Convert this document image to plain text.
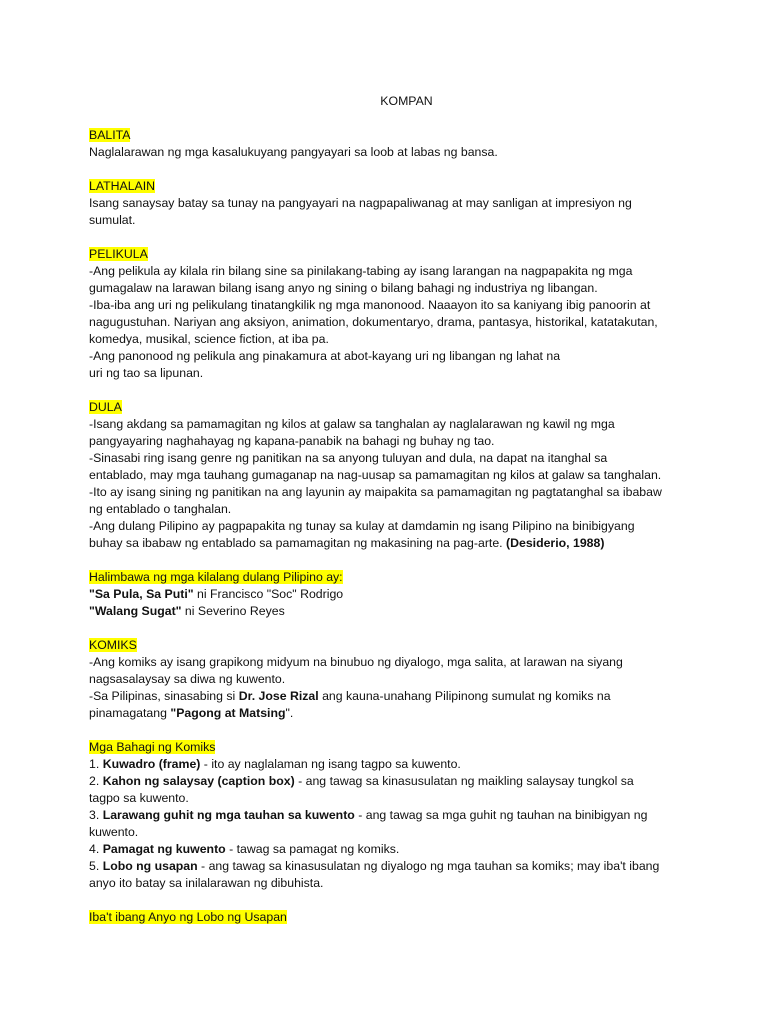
KOMPAN
BALITA
Naglalarawan ng mga kasalukuyang pangyayari sa loob at labas ng bansa.
LATHALAIN
Isang sanaysay batay sa tunay na pangyayari na nagpapaliwanag at may sanligan at impresiyon ng
sumulat.
PELIKULA
-Ang pelikula ay kilala rin bilang sine sa pinilakang-tabing ay isang larangan na nagpapakita ng mga
gumagalaw na larawan bilang isang anyo ng sining o bilang bahagi ng industriya ng libangan.
-Iba-iba ang uri ng pelikulang tinatangkilik ng mga manonood. Naaayon ito sa kaniyang ibig panoorin at
nagugustuhan. Nariyan ang aksiyon, animation, dokumentaryo, drama, pantasya, historikal, katatakutan,
komedya, musikal, science fiction, at iba pa.
-Ang panonood ng pelikula ang pinakamura at abot-kayang uri ng libangan ng lahat na
uri ng tao sa lipunan.
DULA
-Isang akdang sa pamamagitan ng kilos at galaw sa tanghalan ay naglalarawan ng kawil ng mga
pangyayaring naghahayag ng kapana-panabik na bahagi ng buhay ng tao.
-Sinasabi ring isang genre ng panitikan na sa anyong tuluyan and dula, na dapat na itanghal sa
entablado, may mga tauhang gumaganap na nag-uusap sa pamamagitan ng kilos at galaw sa tanghalan.
-Ito ay isang sining ng panitikan na ang layunin ay maipakita sa pamamagitan ng pagtatanghal sa ibabaw
ng entablado o tanghalan.
-Ang dulang Pilipino ay pagpapakita ng tunay sa kulay at damdamin ng isang Pilipino na binibigyang
buhay sa ibabaw ng entablado sa pamamagitan ng makasining na pag-arte. (Desiderio, 1988)
Halimbawa ng mga kilalang dulang Pilipino ay:
"Sa Pula, Sa Puti" ni Francisco "Soc" Rodrigo
"Walang Sugat" ni Severino Reyes
KOMIKS
-Ang komiks ay isang grapikong midyum na binubuo ng diyalogo, mga salita, at larawan na siyang
nagsasalaysay sa diwa ng kuwento.
-Sa Pilipinas, sinasabing si Dr. Jose Rizal ang kauna-unahang Pilipinong sumulat ng komiks na
pinamagatang "Pagong at Matsing".
Mga Bahagi ng Komiks
1. Kuwadro (frame) - ito ay naglalaman ng isang tagpo sa kuwento.
2. Kahon ng salaysay (caption box) - ang tawag sa kinasusulatan ng maikling salaysay tungkol sa
tagpo sa kuwento.
3. Larawang guhit ng mga tauhan sa kuwento - ang tawag sa mga guhit ng tauhan na binibigyan ng
kuwento.
4. Pamagat ng kuwento - tawag sa pamagat ng komiks.
5. Lobo ng usapan - ang tawag sa kinasusulatan ng diyalogo ng mga tauhan sa komiks; may iba't ibang
anyo ito batay sa inilalarawan ng dibuhista.
Iba't ibang Anyo ng Lobo ng Usapan
